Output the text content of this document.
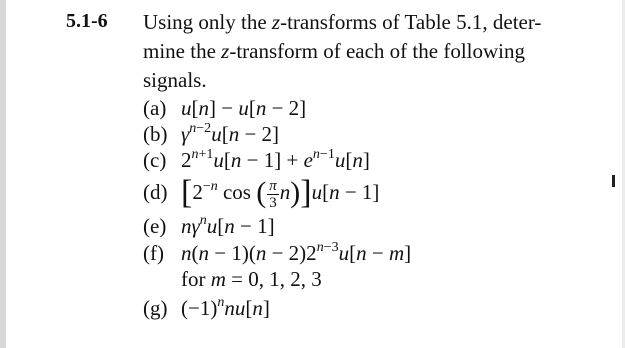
5.1-6 Using only the z-transforms of Table 5.1, deter-
mine the z-transform of each of the following
signals.
(a) u[n] − u[n − 2]
(b) $\gamma^{n-2}u[n - 2]$
(c) $2^{n+1}u[n - 1] + e^{n-1}u[n]$
(d) [$2^{-n}$ cos ( $\frac{\pi}{3} n)]u[n - 1]$
(e) $n\gamma^nu[n - 1]$
(f) $n(n - 1)(n - 2)2^{n-3}u[n - m]$
for m = 0, 1, 2, 3
(g) $(-1)^nnu[n]$
